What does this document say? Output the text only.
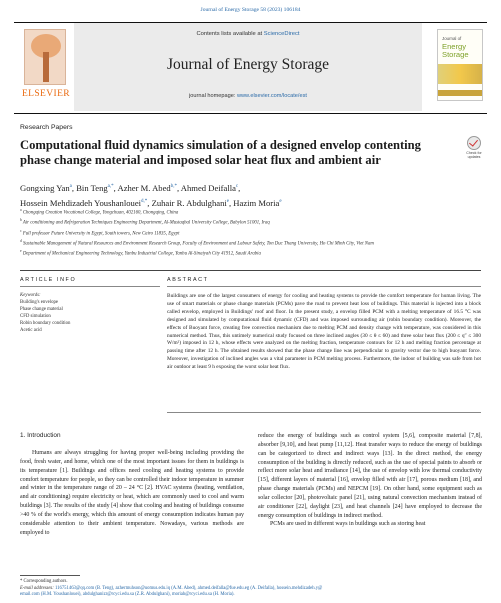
Journal of Energy Storage 58 (2023) 106184
ELSEVIER
Contents lists available at ScienceDirect
Journal of Energy Storage
journal homepage: www.elsevier.com/locate/est
Journal of
Energy
Storage
Research Papers
Computational fluid dynamics simulation of a designed envelop contenting phase change material and imposed solar heat flux and ambient air	Check for updates
Gongxing Yan$^a$, Bin Teng$^{a,*}$, Azher M. Abed$^{b,*}$, Ahmed Deifalla$^c$,
Hossein Mehdizadeh Youshanlouei$^{d,*}$, Zuhair R. Abdulghani$^e$, Hazim Moria$^e$
$^a$ Chongqing Creation Vocational College, Yongchuan, 402160, Chongqing, China
$^b$ Air conditioning and Refrigeration Techniques Engineering Department, Al-Mustaqbal University College, Babylon 51001, Iraq
$^c$ Full professor Future University in Egypt, South towers, New Cairo 11835, Egypt
$^d$ Sustainable Management of Natural Resources and Environment Research Group, Faculty of Environment and Labour Safety, Ton Duc Thang University, Ho Chi Minh City, Viet Nam
$^e$ Department of Mechanical Engineering Technology, Yanbu Industrial College, Yanbu Al-Sinaiyah City 41912, Saudi Arabia
ARTICLE INFO	ABSTRACT
Keywords:
Building's envelope
Phase change material
CFD simulation
Robin boundary condition
Acetic acid
Buildings are one of the largest consumers of energy for cooling and heating systems to provide the comfort temperature for human living. The use of smart materials or phase change materials (PCMs) pave the road to prevent heat loss of buildings. This material is injected into a block called envelop, employed in Buildings' roof and floor. In the present study, a envelop filled PCM with a melting temperature of 16.5 °C was designed and simulated by computational fluid dynamic (CFD) and was imposed surrounding air (robin boundary condition). Moreover, the effects of Buoyant force, creating free convection mechanism due to melting PCM and density change with temperature, was considered in this numerical method. Thus, this untimely numerical study focused on three inclined angles (30 ≤ θ ≤ 60) and three solar heat flux (200 ≤ q″ ≤ 300 W/m²) imposed in 12 h, whose effects were analyzed on the melting fraction, temperature contours for 12 h and melting fraction percentage at passing time after 12 h. The obtained results showed that the phase change line was perpendicular to gravity vector due to high buoyant force. Moreover, investigation of inclined angles was a vital parameter in PCM melting process. Furthermore, the indoor of building was safe from hot air outdoor at least 9 h exposing the worst solar heat flux.
1. Introduction
Humans are always struggling for having proper well-being including providing the food, fresh water, and home, which one of the most important issues for them in buildings is its temperature [1]. Buildings and offices need cooling and heating systems to provide comfort temperature for people, so they can be controlled their indoor temperature in summer and winter in the temperature range of 20 – 24 °C [2]. HVAC systems (heating, ventilation, and air conditioning) require electricity or heat, which are commonly used to cool and warm buildings [3]. The results of the study [4] show that cooling and heating of buildings consume >40 % of the world's energy, which this amount of energy consumption indicates human pay considerable attention to their ambient temperature. Nowadays, various methods are employed to
reduce the energy of buildings such as control system [5,6], composite material [7,8], absorber [9,10], and heat pump [11,12]. Heat transfer ways to reduce the energy of buildings can be categorized to direct and indirect ways [13]. In the direct method, the energy consumption of the building is directly reduced, such as the use of special paints to absorb or reflect more solar heat and irradiance [14], the use of envelop with low thermal conductivity [15], different layers of material [16], envelop filled with air [17], porous medium [18], and phase change materials (PCMs) and NEPCM [19]. On other hand, some equipment such as solar collector [20], photovoltaic panel [21], using natural convection mechanism instead of air conditioner [22], daylight [23], and heat channels [24] have employed to decrease the energy consumption of buildings in indirect method.
PCMs are used in different ways in buildings such as storing heat
* Corresponding authors.
E-mail addresses: 116751463@qq.com (B. Teng), azhermuhson@uomus.edu.iq (A.M. Abed), ahmed.deifalla@fue.edu.eg (A. Deifalla), hossein.mehdizadeh.y@
email.com (H.M. Youshanlouei), abdulghanizr@rcyci.edu.sa (Z.R. Abdulghani), moriah@rcyci.edu.sa (H. Moria).
